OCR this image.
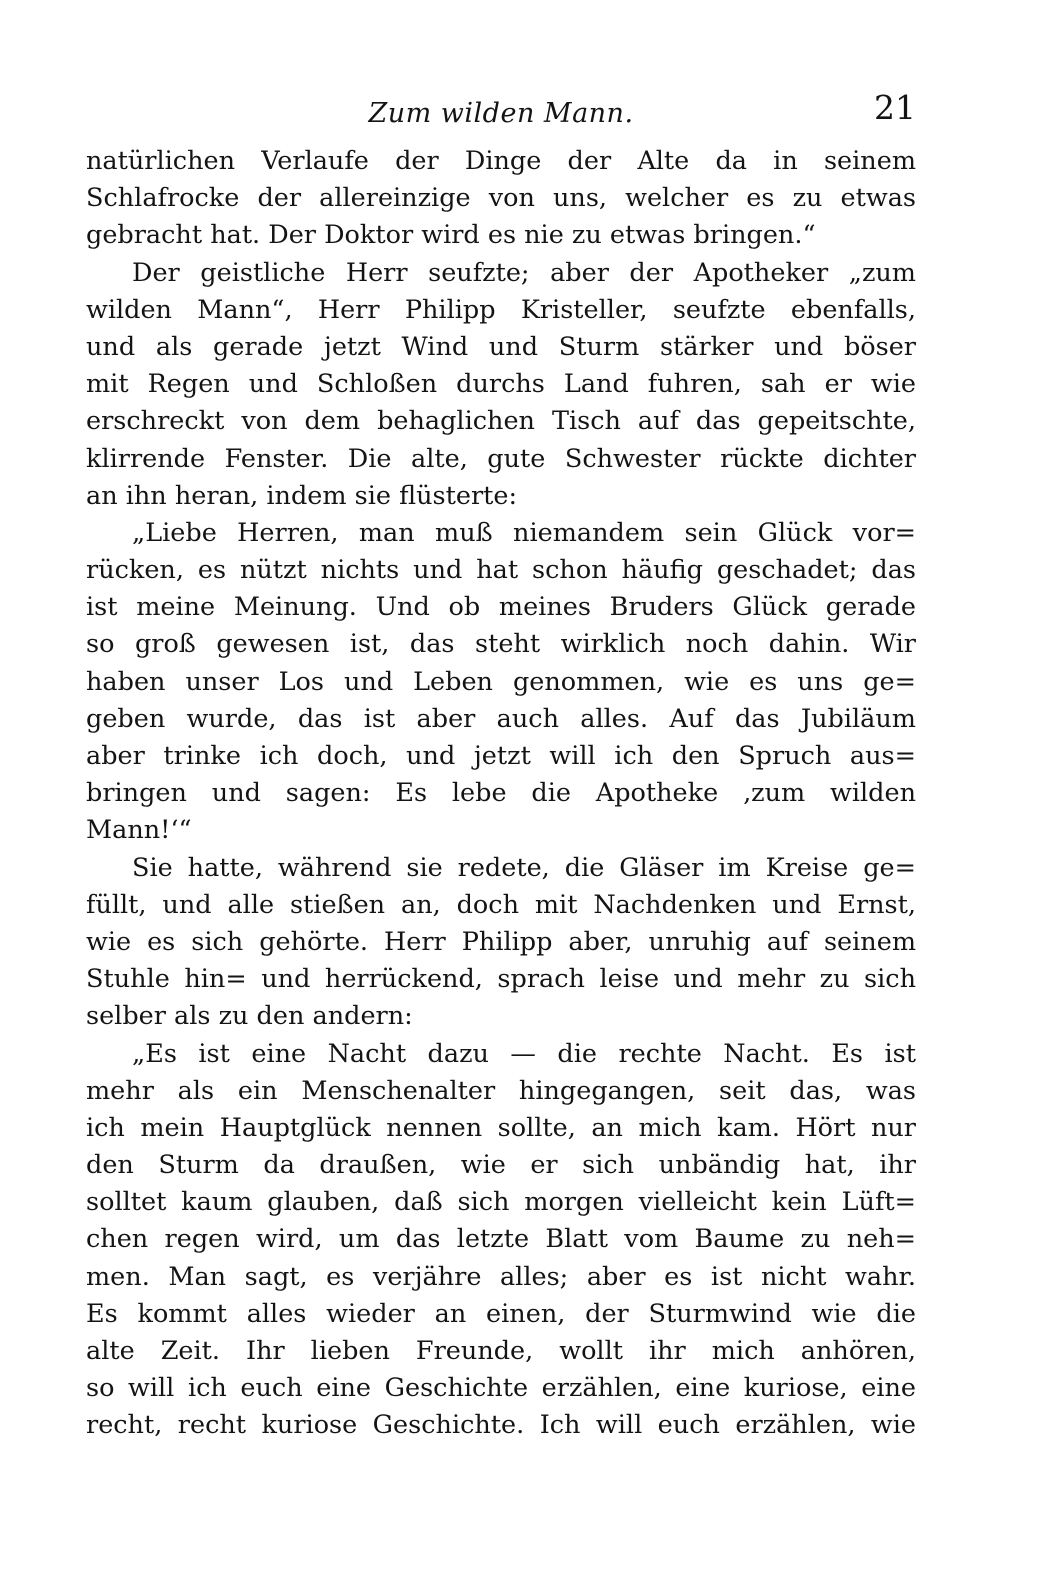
Zum wilden Mann.	21
natürlichen Verlaufe der Dinge der Alte da in seinem
Schlafrocke der allereinzige von uns, welcher es zu etwas
gebracht hat. Der Doktor wird es nie zu etwas bringen.“
Der geistliche Herr seufzte; aber der Apotheker „zum
wilden Mann“, Herr Philipp Kristeller, seufzte ebenfalls,
und als gerade jetzt Wind und Sturm stärker und böser
mit Regen und Schloßen durchs Land fuhren, sah er wie
erschreckt von dem behaglichen Tisch auf das gepeitschte,
klirrende Fenster. Die alte, gute Schwester rückte dichter
an ihn heran, indem sie flüsterte:
„Liebe Herren, man muß niemandem sein Glück vor=
rücken, es nützt nichts und hat schon häufig geschadet; das
ist meine Meinung. Und ob meines Bruders Glück gerade
so groß gewesen ist, das steht wirklich noch dahin. Wir
haben unser Los und Leben genommen, wie es uns ge=
geben wurde, das ist aber auch alles. Auf das Jubiläum
aber trinke ich doch, und jetzt will ich den Spruch aus=
bringen und sagen: Es lebe die Apotheke ‚zum wilden
Mann!‘“
Sie hatte, während sie redete, die Gläser im Kreise ge=
füllt, und alle stießen an, doch mit Nachdenken und Ernst,
wie es sich gehörte. Herr Philipp aber, unruhig auf seinem
Stuhle hin= und herrückend, sprach leise und mehr zu sich
selber als zu den andern:
„Es ist eine Nacht dazu — die rechte Nacht. Es ist
mehr als ein Menschenalter hingegangen, seit das, was
ich mein Hauptglück nennen sollte, an mich kam. Hört nur
den Sturm da draußen, wie er sich unbändig hat, ihr
solltet kaum glauben, daß sich morgen vielleicht kein Lüft=
chen regen wird, um das letzte Blatt vom Baume zu neh=
men. Man sagt, es verjähre alles; aber es ist nicht wahr.
Es kommt alles wieder an einen, der Sturmwind wie die
alte Zeit. Ihr lieben Freunde, wollt ihr mich anhören,
so will ich euch eine Geschichte erzählen, eine kuriose, eine
recht, recht kuriose Geschichte. Ich will euch erzählen, wie
